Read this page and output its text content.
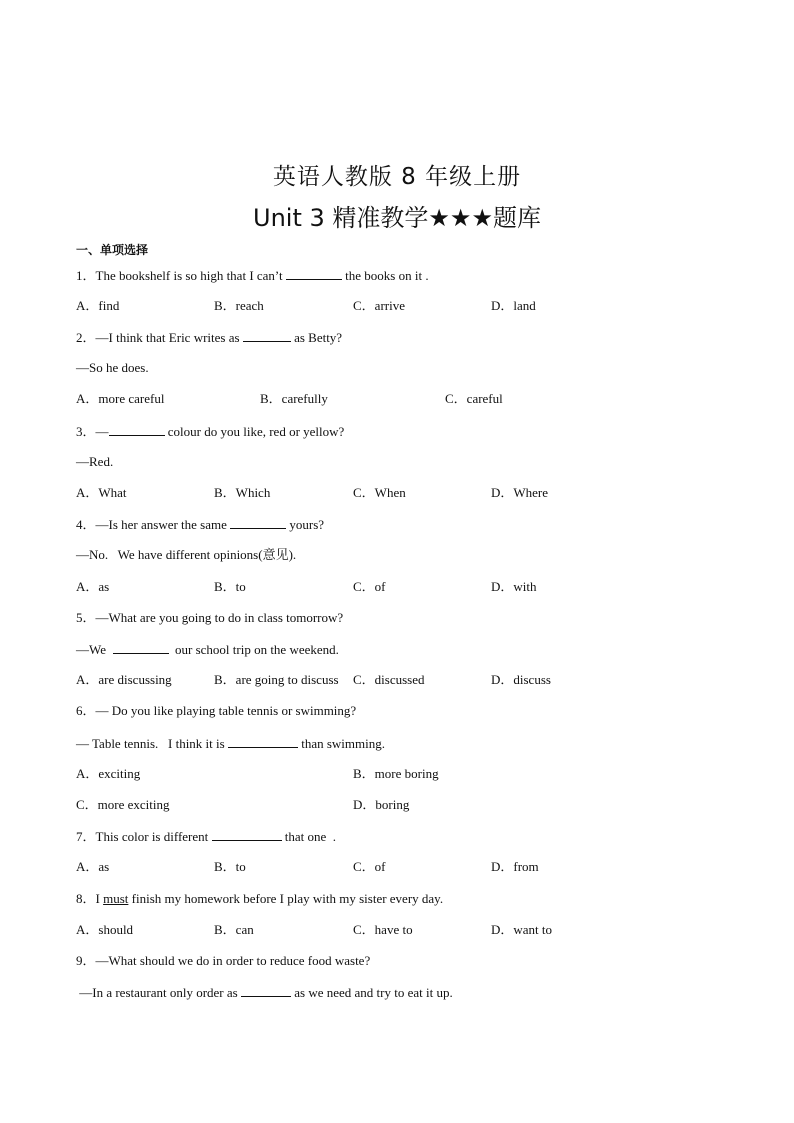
英语人教版 8 年级上册
Unit 3 精准教学★★★题库
一、单项选择
1．The bookshelf is so high that I can’t	the books on it .
A．find	B．reach	C．arrive	D．land
2．—I think that Eric writes as	as Betty?
—So he does.
A．more careful	B．carefully	C．careful
3．—	colour do you like, red or yellow?
—Red.
A．What	B．Which	C．When	D．Where
4．—Is her answer the same	yours?
—No.   We have different opinions(意见).
A．as	B．to	C．of	D．with
5．—What are you going to do in class tomorrow?
—We	our school trip on the weekend.
A．are discussing	B．are going to discuss C．discussed	D．discuss
6．— Do you like playing table tennis or swimming?
— Table tennis.   I think it is	than swimming.
A．exciting	B．more boring
C．more exciting	D．boring
7．This color is different	that one  .
A．as	B．to	C．of	D．from
8．I must finish my homework before I play with my sister every day.
A．should	B．can	C．have to	D．want to
9．—What should we do in order to reduce food waste?
—In a restaurant only order as	as we need and try to eat it up.
